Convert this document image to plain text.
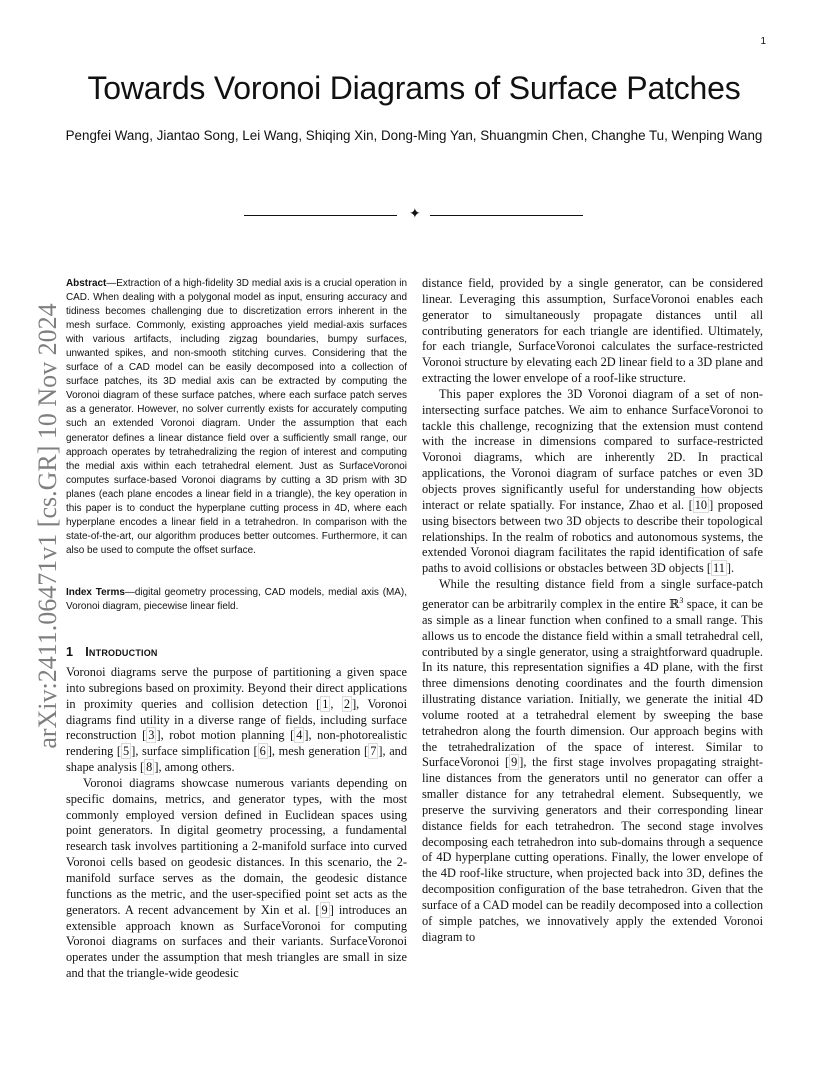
1
Towards Voronoi Diagrams of Surface Patches
Pengfei Wang, Jiantao Song, Lei Wang, Shiqing Xin, Dong-Ming Yan, Shuangmin Chen, Changhe Tu, Wenping Wang
✦
arXiv:2411.06471v1 [cs.GR] 10 Nov 2024
Abstract—Extraction of a high-fidelity 3D medial axis is a crucial operation in CAD. When dealing with a polygonal model as input, ensuring accuracy and tidiness becomes challenging due to discretization errors inherent in the mesh surface. Commonly, existing approaches yield medial-axis surfaces with various artifacts, including zigzag boundaries, bumpy surfaces, unwanted spikes, and non-smooth stitching curves. Considering that the surface of a CAD model can be easily decomposed into a collection of surface patches, its 3D medial axis can be extracted by computing the Voronoi diagram of these surface patches, where each surface patch serves as a generator. However, no solver currently exists for accurately computing such an extended Voronoi diagram. Under the assumption that each generator defines a linear distance field over a sufficiently small range, our approach operates by tetrahedralizing the region of interest and computing the medial axis within each tetrahedral element. Just as SurfaceVoronoi computes surface-based Voronoi diagrams by cutting a 3D prism with 3D planes (each plane encodes a linear field in a triangle), the key operation in this paper is to conduct the hyperplane cutting process in 4D, where each hyperplane encodes a linear field in a tetrahedron. In comparison with the state-of-the-art, our algorithm produces better outcomes. Furthermore, it can also be used to compute the offset surface.
Index Terms—digital geometry processing, CAD models, medial axis (MA), Voronoi diagram, piecewise linear field.
1 Introduction

Voronoi diagrams serve the purpose of partitioning a given space into subregions based on proximity. Beyond their direct applications in proximity queries and collision detection [ 1 , 2 ], Voronoi diagrams find utility in a diverse range of fields, including surface reconstruction [ 3 ], robot motion planning [ 4 ], non-photorealistic rendering [ 5 ], surface simplification [ 6 ], mesh generation [ 7 ], and shape analysis [ 8 ], among others.

Voronoi diagrams showcase numerous variants depending on specific domains, metrics, and generator types, with the most commonly employed version defined in Euclidean spaces using point generators. In digital geometry processing, a fundamental research task involves partitioning a 2-manifold surface into curved Voronoi cells based on geodesic distances. In this scenario, the 2-manifold surface serves as the domain, the geodesic distance functions as the metric, and the user-specified point set acts as the generators. A recent advancement by Xin et al. [ 9 ] introduces an extensible approach known as SurfaceVoronoi for computing Voronoi diagrams on surfaces and their variants. SurfaceVoronoi operates under the assumption that mesh triangles are small in size and that the triangle-wide geodesic

distance field, provided by a single generator, can be considered linear. Leveraging this assumption, SurfaceVoronoi enables each generator to simultaneously propagate distances until all contributing generators for each triangle are identified. Ultimately, for each triangle, SurfaceVoronoi calculates the surface-restricted Voronoi structure by elevating each 2D linear field to a 3D plane and extracting the lower envelope of a roof-like structure.

This paper explores the 3D Voronoi diagram of a set of non-intersecting surface patches. We aim to enhance SurfaceVoronoi to tackle this challenge, recognizing that the extension must contend with the increase in dimensions compared to surface-restricted Voronoi diagrams, which are inherently 2D. In practical applications, the Voronoi diagram of surface patches or even 3D objects proves significantly useful for understanding how objects interact or relate spatially. For instance, Zhao et al. [ 10 ] proposed using bisectors between two 3D objects to describe their topological relationships. In the realm of robotics and autonomous systems, the extended Voronoi diagram facilitates the rapid identification of safe paths to avoid collisions or obstacles between 3D objects [ 11 ].

While the resulting distance field from a single surface-patch generator can be arbitrarily complex in the entire ℝ$^3$ space, it can be as simple as a linear function when confined to a small range. This allows us to encode the distance field within a small tetrahedral cell, contributed by a single generator, using a straightforward quadruple. In its nature, this representation signifies a 4D plane, with the first three dimensions denoting coordinates and the fourth dimension illustrating distance variation. Initially, we generate the initial 4D volume rooted at a tetrahedral element by sweeping the base tetrahedron along the fourth dimension. Our approach begins with the tetrahedralization of the space of interest. Similar to SurfaceVoronoi [ 9 ], the first stage involves propagating straight-line distances from the generators until no generator can offer a smaller distance for any tetrahedral element. Subsequently, we preserve the surviving generators and their corresponding linear distance fields for each tetrahedron. The second stage involves decomposing each tetrahedron into sub-domains through a sequence of 4D hyperplane cutting operations. Finally, the lower envelope of the 4D roof-like structure, when projected back into 3D, defines the decomposition configuration of the base tetrahedron. Given that the surface of a CAD model can be readily decomposed into a collection of simple patches, we innovatively apply the extended Voronoi diagram to
